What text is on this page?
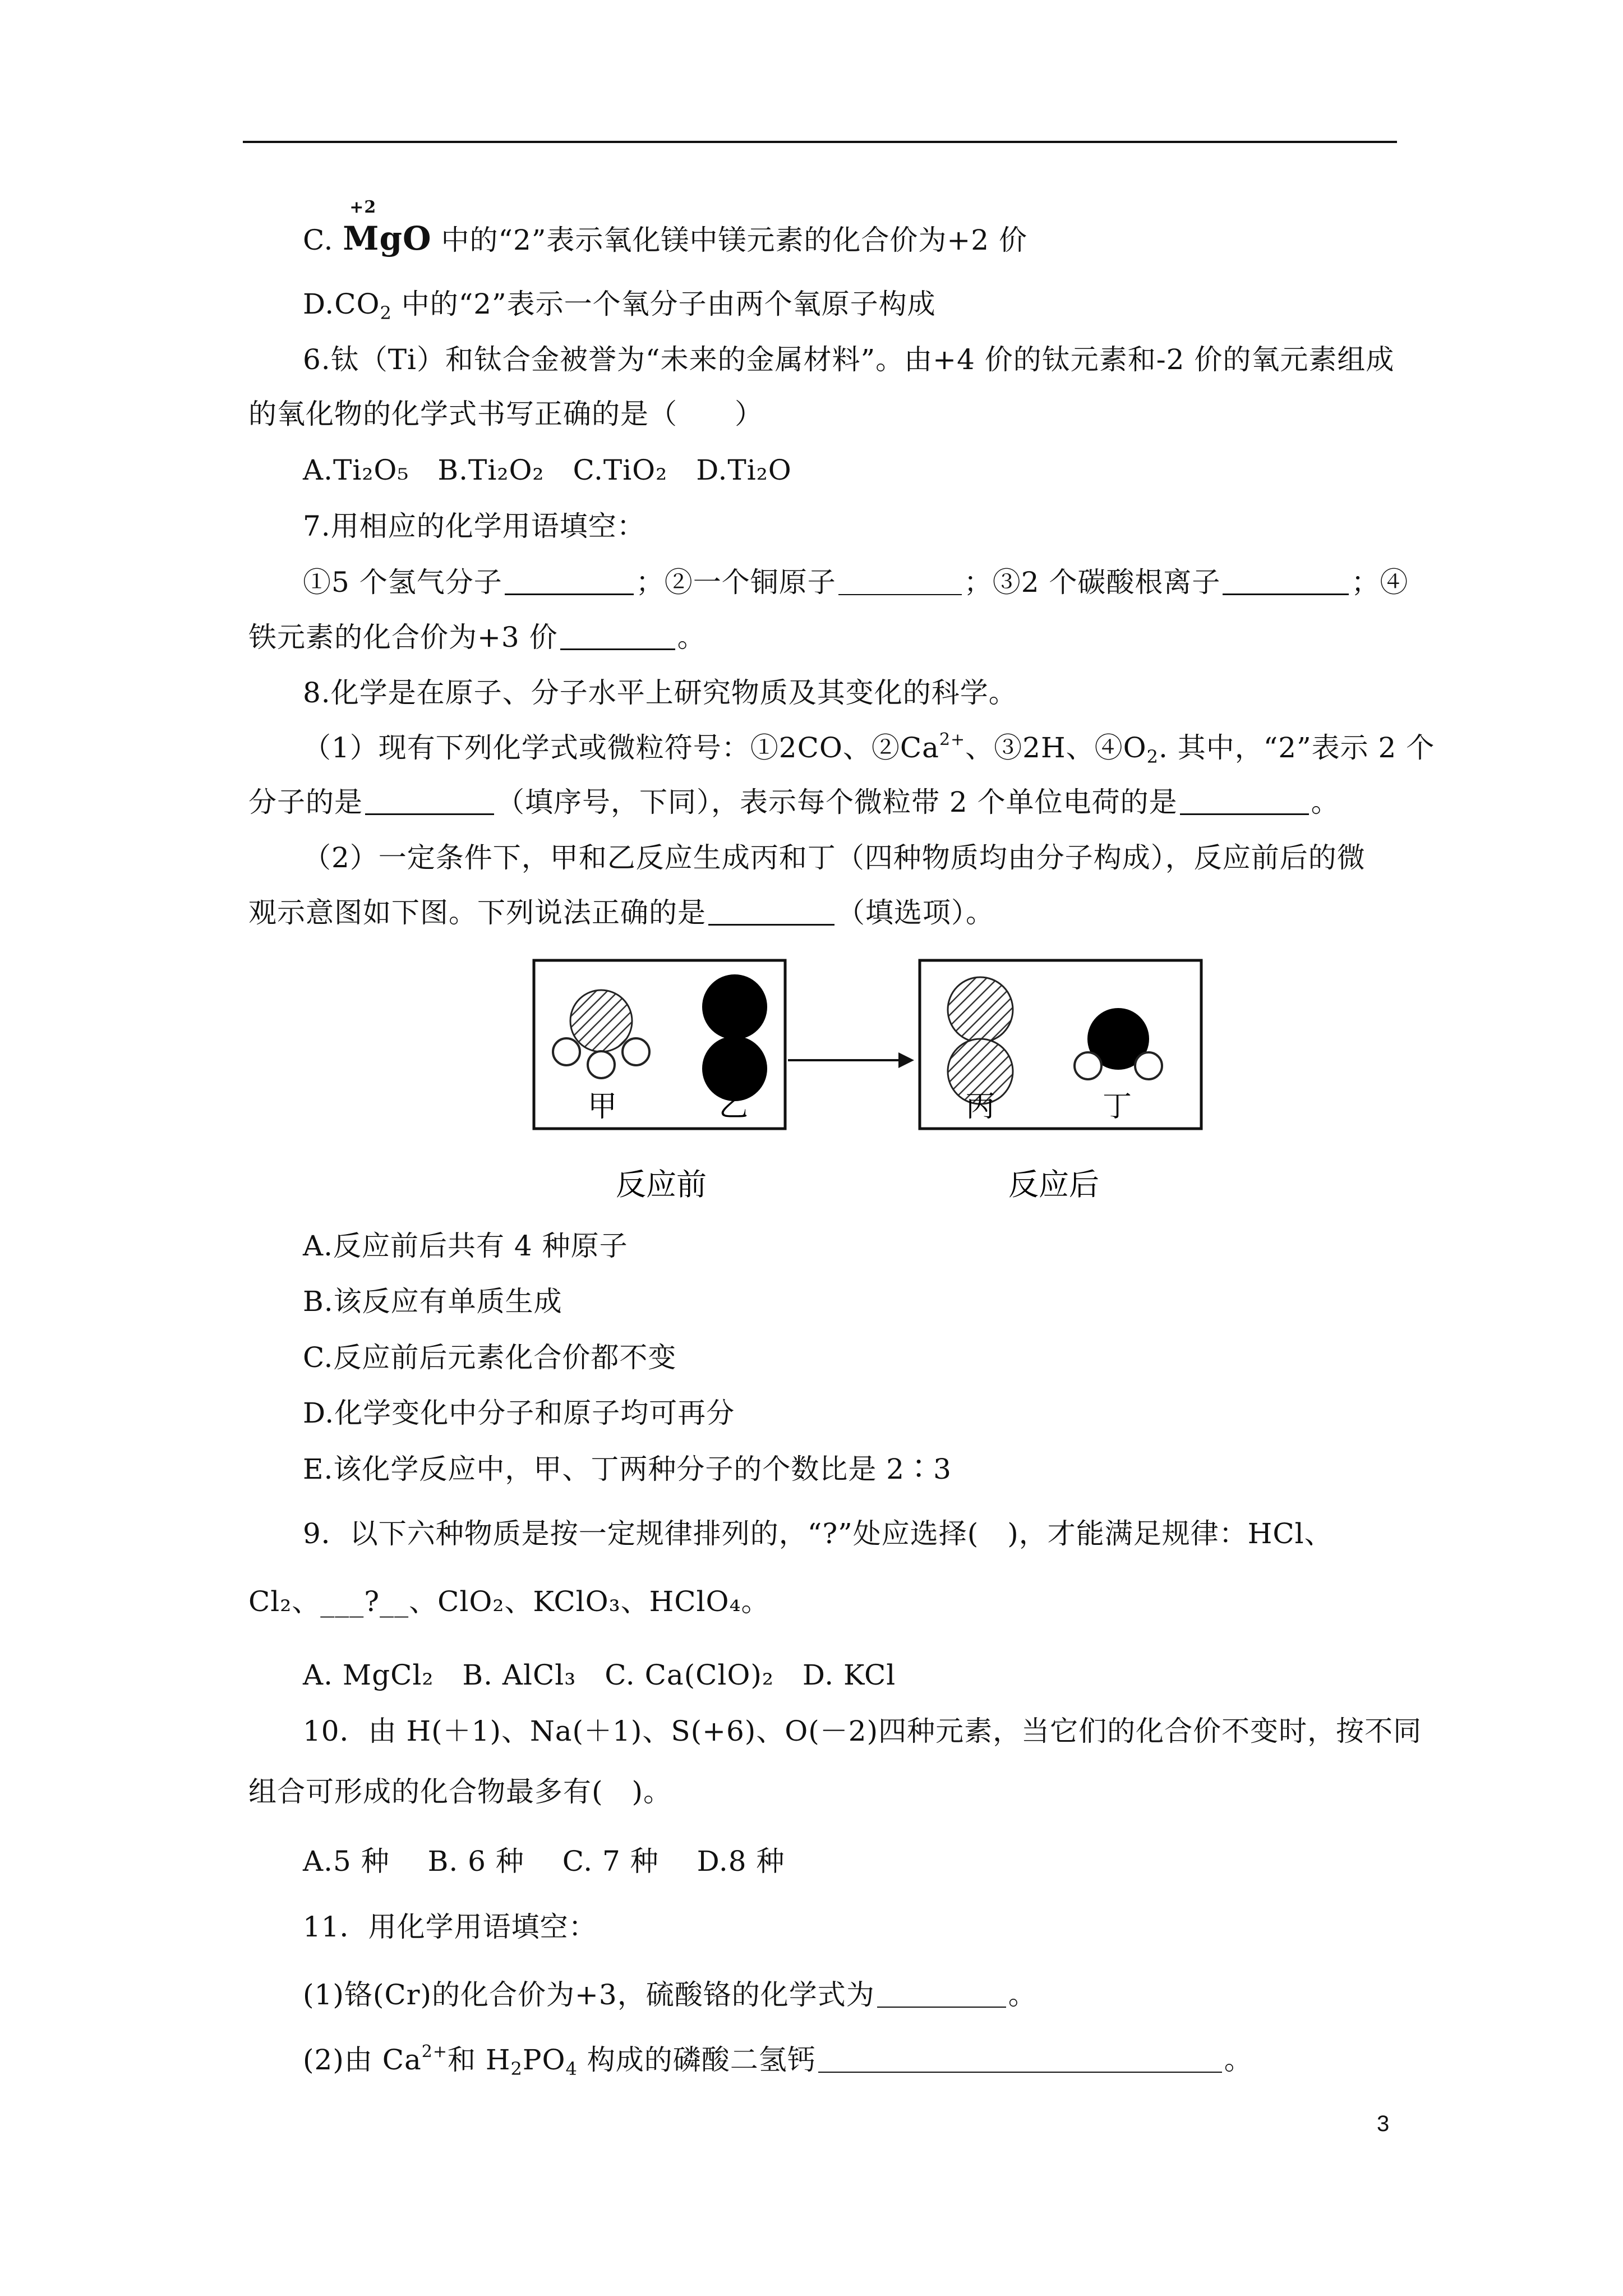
C.
+2
MgO 中的“2”表示氧化镁中镁元素的化合价为+2 价
$D.CO_2$ 中的“2”表示一个氧分子由两个氧原子构成
6.钛（Ti）和钛合金被誉为“未来的金属材料”。由+4 价的钛元素和-2 价的氧元素组成
的氧化物的化学式书写正确的是（　　）
A.Ti₂O₅　B.Ti₂O₂　C.TiO₂　D.Ti₂O
7.用相应的化学用语填空：
①5 个氢气分子	；②一个铜原子	；③2 个碳酸根离子	；④
铁元素的化合价为+3 价	。
8.化学是在原子、分子水平上研究物质及其变化的科学。
（1）现有下列化学式或微粒符号：①2CO、$②Ca^{2+}$、③2H、$④O_2$. 其中，“2”表示 2 个
分子的是	（填序号，下同），表示每个微粒带 2 个单位电荷的是	。
（2）一定条件下，甲和乙反应生成丙和丁（四种物质均由分子构成），反应前后的微
观示意图如下图。下列说法正确的是	（填选项）。
甲	乙
反应前
丙	丁
反应后
A.反应前后共有 4 种原子
B.该反应有单质生成
C.反应前后元素化合价都不变
D.化学变化中分子和原子均可再分
E.该化学反应中，甲、丁两种分子的个数比是 2∶3
9．以下六种物质是按一定规律排列的，“?”处应选择(　)，才能满足规律：HCl、
Cl₂、___?__、ClO₂、KClO₃、HClO₄。
A. MgCl₂　B. AlCl₃　C. Ca(ClO)₂　D. KCl
10．由 H(＋1)、Na(＋1)、S(+6)、O(－2)四种元素，当它们的化合价不变时，按不同
组合可形成的化合物最多有(　)。
A.5 种　 B. 6 种　 C. 7 种　 D.8 种
11．用化学用语填空：
(1)铬(Cr)的化合价为+3，硫酸铬的化学式为	。
(2)由 $Ca^{2+}$和 $H_2PO_4$ 构成的磷酸二氢钙	。
3
